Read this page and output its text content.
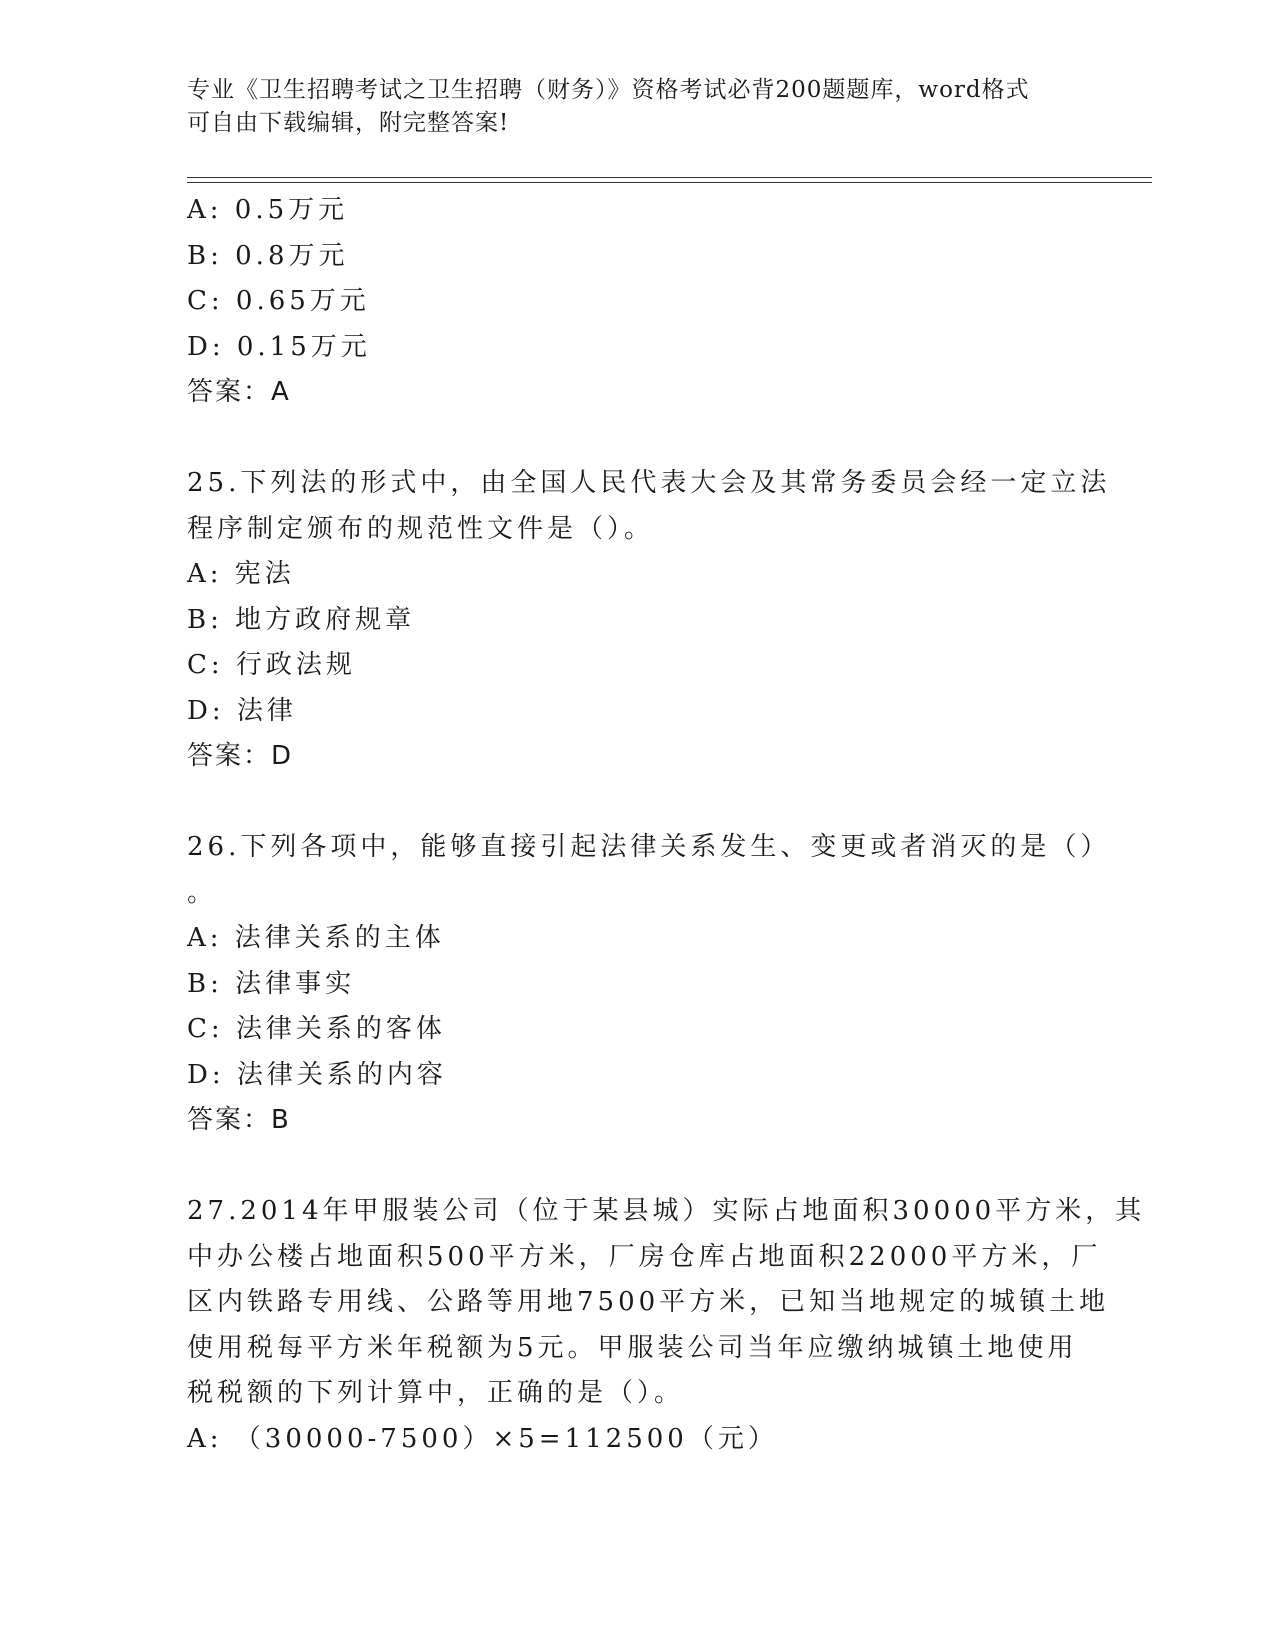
专业《卫生招聘考试之卫生招聘（财务）》资格考试必背200题题库，word格式
可自由下载编辑，附完整答案!
A: 0.5万元
B: 0.8万元
C: 0.65万元
D: 0.15万元
答案：A
25.下列法的形式中，由全国人民代表大会及其常务委员会经一定立法
程序制定颁布的规范性文件是（）。
A: 宪法
B: 地方政府规章
C: 行政法规
D: 法律
答案：D
26.下列各项中，能够直接引起法律关系发生、变更或者消灭的是（）
。
A: 法律关系的主体
B: 法律事实
C: 法律关系的客体
D: 法律关系的内容
答案：B
27.2014年甲服装公司（位于某县城）实际占地面积30000平方米，其
中办公楼占地面积500平方米，厂房仓库占地面积22000平方米，厂
区内铁路专用线、公路等用地7500平方米，已知当地规定的城镇土地
使用税每平方米年税额为5元。甲服装公司当年应缴纳城镇土地使用
税税额的下列计算中，正确的是（）。
A: （30000-7500）×5=112500（元）
